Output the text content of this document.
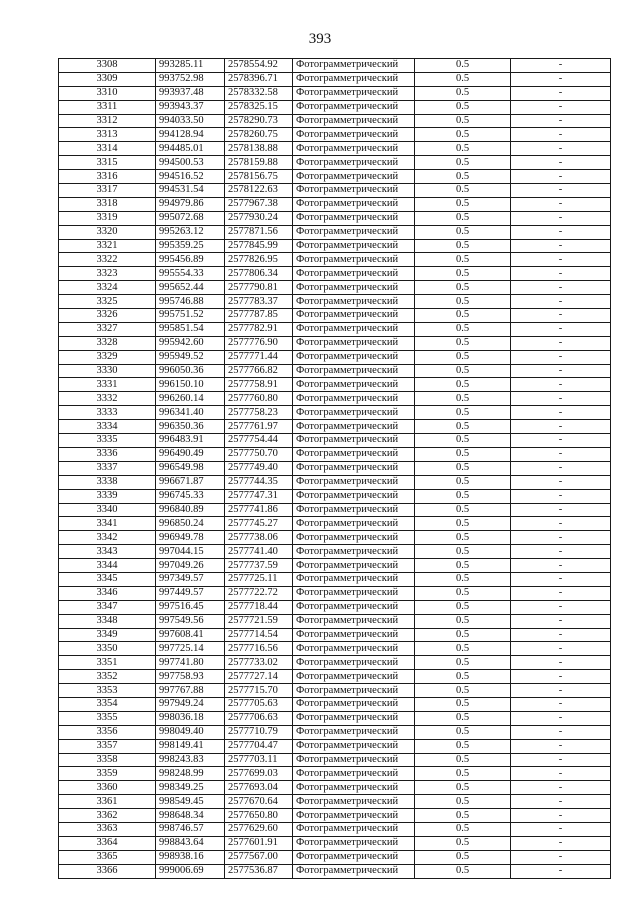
393
3308	993285.11	2578554.92	Фотограмметрический	0.5	-
3309	993752.98	2578396.71	Фотограмметрический	0.5	-
3310	993937.48	2578332.58	Фотограмметрический	0.5	-
3311	993943.37	2578325.15	Фотограмметрический	0.5	-
3312	994033.50	2578290.73	Фотограмметрический	0.5	-
3313	994128.94	2578260.75	Фотограмметрический	0.5	-
3314	994485.01	2578138.88	Фотограмметрический	0.5	-
3315	994500.53	2578159.88	Фотограмметрический	0.5	-
3316	994516.52	2578156.75	Фотограмметрический	0.5	-
3317	994531.54	2578122.63	Фотограмметрический	0.5	-
3318	994979.86	2577967.38	Фотограмметрический	0.5	-
3319	995072.68	2577930.24	Фотограмметрический	0.5	-
3320	995263.12	2577871.56	Фотограмметрический	0.5	-
3321	995359.25	2577845.99	Фотограмметрический	0.5	-
3322	995456.89	2577826.95	Фотограмметрический	0.5	-
3323	995554.33	2577806.34	Фотограмметрический	0.5	-
3324	995652.44	2577790.81	Фотограмметрический	0.5	-
3325	995746.88	2577783.37	Фотограмметрический	0.5	-
3326	995751.52	2577787.85	Фотограмметрический	0.5	-
3327	995851.54	2577782.91	Фотограмметрический	0.5	-
3328	995942.60	2577776.90	Фотограмметрический	0.5	-
3329	995949.52	2577771.44	Фотограмметрический	0.5	-
3330	996050.36	2577766.82	Фотограмметрический	0.5	-
3331	996150.10	2577758.91	Фотограмметрический	0.5	-
3332	996260.14	2577760.80	Фотограмметрический	0.5	-
3333	996341.40	2577758.23	Фотограмметрический	0.5	-
3334	996350.36	2577761.97	Фотограмметрический	0.5	-
3335	996483.91	2577754.44	Фотограмметрический	0.5	-
3336	996490.49	2577750.70	Фотограмметрический	0.5	-
3337	996549.98	2577749.40	Фотограмметрический	0.5	-
3338	996671.87	2577744.35	Фотограмметрический	0.5	-
3339	996745.33	2577747.31	Фотограмметрический	0.5	-
3340	996840.89	2577741.86	Фотограмметрический	0.5	-
3341	996850.24	2577745.27	Фотограмметрический	0.5	-
3342	996949.78	2577738.06	Фотограмметрический	0.5	-
3343	997044.15	2577741.40	Фотограмметрический	0.5	-
3344	997049.26	2577737.59	Фотограмметрический	0.5	-
3345	997349.57	2577725.11	Фотограмметрический	0.5	-
3346	997449.57	2577722.72	Фотограмметрический	0.5	-
3347	997516.45	2577718.44	Фотограмметрический	0.5	-
3348	997549.56	2577721.59	Фотограмметрический	0.5	-
3349	997608.41	2577714.54	Фотограмметрический	0.5	-
3350	997725.14	2577716.56	Фотограмметрический	0.5	-
3351	997741.80	2577733.02	Фотограмметрический	0.5	-
3352	997758.93	2577727.14	Фотограмметрический	0.5	-
3353	997767.88	2577715.70	Фотограмметрический	0.5	-
3354	997949.24	2577705.63	Фотограмметрический	0.5	-
3355	998036.18	2577706.63	Фотограмметрический	0.5	-
3356	998049.40	2577710.79	Фотограмметрический	0.5	-
3357	998149.41	2577704.47	Фотограмметрический	0.5	-
3358	998243.83	2577703.11	Фотограмметрический	0.5	-
3359	998248.99	2577699.03	Фотограмметрический	0.5	-
3360	998349.25	2577693.04	Фотограмметрический	0.5	-
3361	998549.45	2577670.64	Фотограмметрический	0.5	-
3362	998648.34	2577650.80	Фотограмметрический	0.5	-
3363	998746.57	2577629.60	Фотограмметрический	0.5	-
3364	998843.64	2577601.91	Фотограмметрический	0.5	-
3365	998938.16	2577567.00	Фотограмметрический	0.5	-
3366	999006.69	2577536.87	Фотограмметрический	0.5	-
